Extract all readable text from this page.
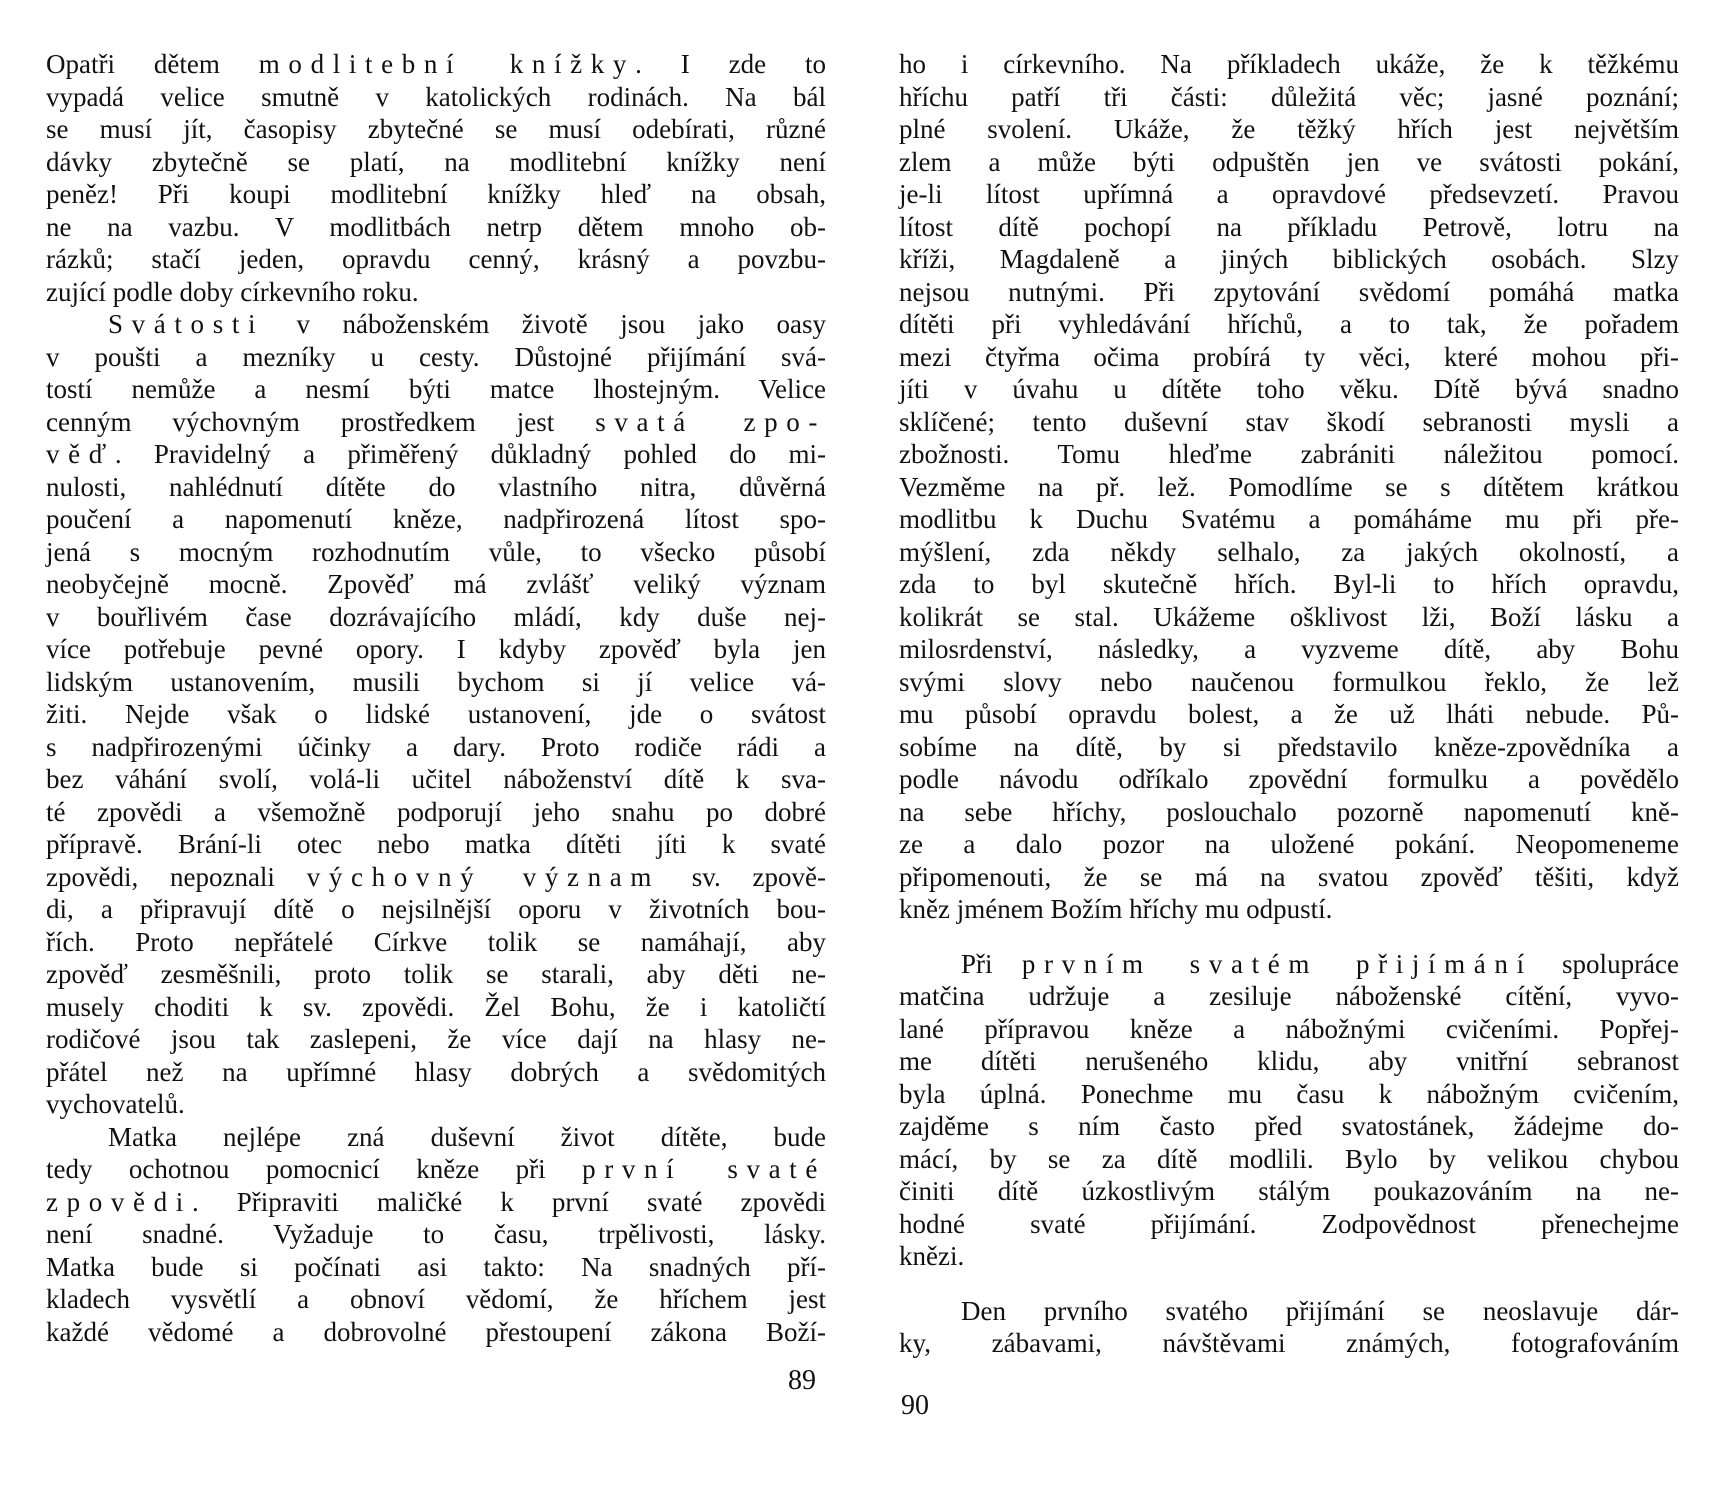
Opatři dětem modlitební knížky. I zde to
vypadá velice smutně v katolických rodinách. Na bál
se musí jít, časopisy zbytečné se musí odebírati, různé
dávky zbytečně se platí, na modlitební knížky není
peněz! Při koupi modlitební knížky hleď na obsah,
ne na vazbu. V modlitbách netrp dětem mnoho ob-
rázků; stačí jeden, opravdu cenný, krásný a povzbu-
zující podle doby církevního roku.
Svátosti v náboženském životě jsou jako oasy
v poušti a mezníky u cesty. Důstojné přijímání svá-
tostí nemůže a nesmí býti matce lhostejným. Velice
cenným výchovným prostředkem jest svatá zpo-
věď. Pravidelný a přiměřený důkladný pohled do mi-
nulosti, nahlédnutí dítěte do vlastního nitra, důvěrná
poučení a napomenutí kněze, nadpřirozená lítost spo-
jená s mocným rozhodnutím vůle, to všecko působí
neobyčejně mocně. Zpověď má zvlášť veliký význam
v bouřlivém čase dozrávajícího mládí, kdy duše nej-
více potřebuje pevné opory. I kdyby zpověď byla jen
lidským ustanovením, musili bychom si jí velice vá-
žiti. Nejde však o lidské ustanovení, jde o svátost
s nadpřirozenými účinky a dary. Proto rodiče rádi a
bez váhání svolí, volá-li učitel náboženství dítě k sva-
té zpovědi a všemožně podporují jeho snahu po dobré
přípravě. Brání-li otec nebo matka dítěti jíti k svaté
zpovědi, nepoznali výchovný význam sv. zpově-
di, a připravují dítě o nejsilnější oporu v životních bou-
řích. Proto nepřátelé Církve tolik se namáhají, aby
zpověď zesměšnili, proto tolik se starali, aby děti ne-
musely choditi k sv. zpovědi. Žel Bohu, že i katoličtí
rodičové jsou tak zaslepeni, že více dají na hlasy ne-
přátel než na upřímné hlasy dobrých a svědomitých
vychovatelů.
Matka nejlépe zná duševní život dítěte, bude
tedy ochotnou pomocnicí kněze při první svaté
zpovědi. Připraviti maličké k první svaté zpovědi
není snadné. Vyžaduje to času, trpělivosti, lásky.
Matka bude si počínati asi takto: Na snadných pří-
kladech vysvětlí a obnoví vědomí, že hříchem jest
každé vědomé a dobrovolné přestoupení zákona Boží-
89
ho i církevního. Na příkladech ukáže, že k těžkému
hříchu patří tři části: důležitá věc; jasné poznání;
plné svolení. Ukáže, že těžký hřích jest největším
zlem a může býti odpuštěn jen ve svátosti pokání,
je-li lítost upřímná a opravdové předsevzetí. Pravou
lítost dítě pochopí na příkladu Petrově, lotru na
kříži, Magdaleně a jiných biblických osobách. Slzy
nejsou nutnými. Při zpytování svědomí pomáhá matka
dítěti při vyhledávání hříchů, a to tak, že pořadem
mezi čtyřma očima probírá ty věci, které mohou při-
jíti v úvahu u dítěte toho věku. Dítě bývá snadno
sklíčené; tento duševní stav škodí sebranosti mysli a
zbožnosti. Tomu hleďme zabrániti náležitou pomocí.
Vezměme na př. lež. Pomodlíme se s dítětem krátkou
modlitbu k Duchu Svatému a pomáháme mu při pře-
mýšlení, zda někdy selhalo, za jakých okolností, a
zda to byl skutečně hřích. Byl-li to hřích opravdu,
kolikrát se stal. Ukážeme ošklivost lži, Boží lásku a
milosrdenství, následky, a vyzveme dítě, aby Bohu
svými slovy nebo naučenou formulkou řeklo, že lež
mu působí opravdu bolest, a že už lháti nebude. Pů-
sobíme na dítě, by si představilo kněze-zpovědníka a
podle návodu odříkalo zpovědní formulku a povědělo
na sebe hříchy, poslouchalo pozorně napomenutí kně-
ze a dalo pozor na uložené pokání. Neopomeneme
připomenouti, že se má na svatou zpověď těšiti, když
kněz jménem Božím hříchy mu odpustí.
Při prvním svatém přijímání spolupráce
matčina udržuje a zesiluje náboženské cítění, vyvo-
lané přípravou kněze a nábožnými cvičeními. Popřej-
me dítěti nerušeného klidu, aby vnitřní sebranost
byla úplná. Ponechme mu času k nábožným cvičením,
zajděme s ním často před svatostánek, žádejme do-
mácí, by se za dítě modlili. Bylo by velikou chybou
činiti dítě úzkostlivým stálým poukazováním na ne-
hodné svaté přijímání. Zodpovědnost přenechejme
knězi.
Den prvního svatého přijímání se neoslavuje dár-
ky, zábavami, návštěvami známých, fotografováním
90
